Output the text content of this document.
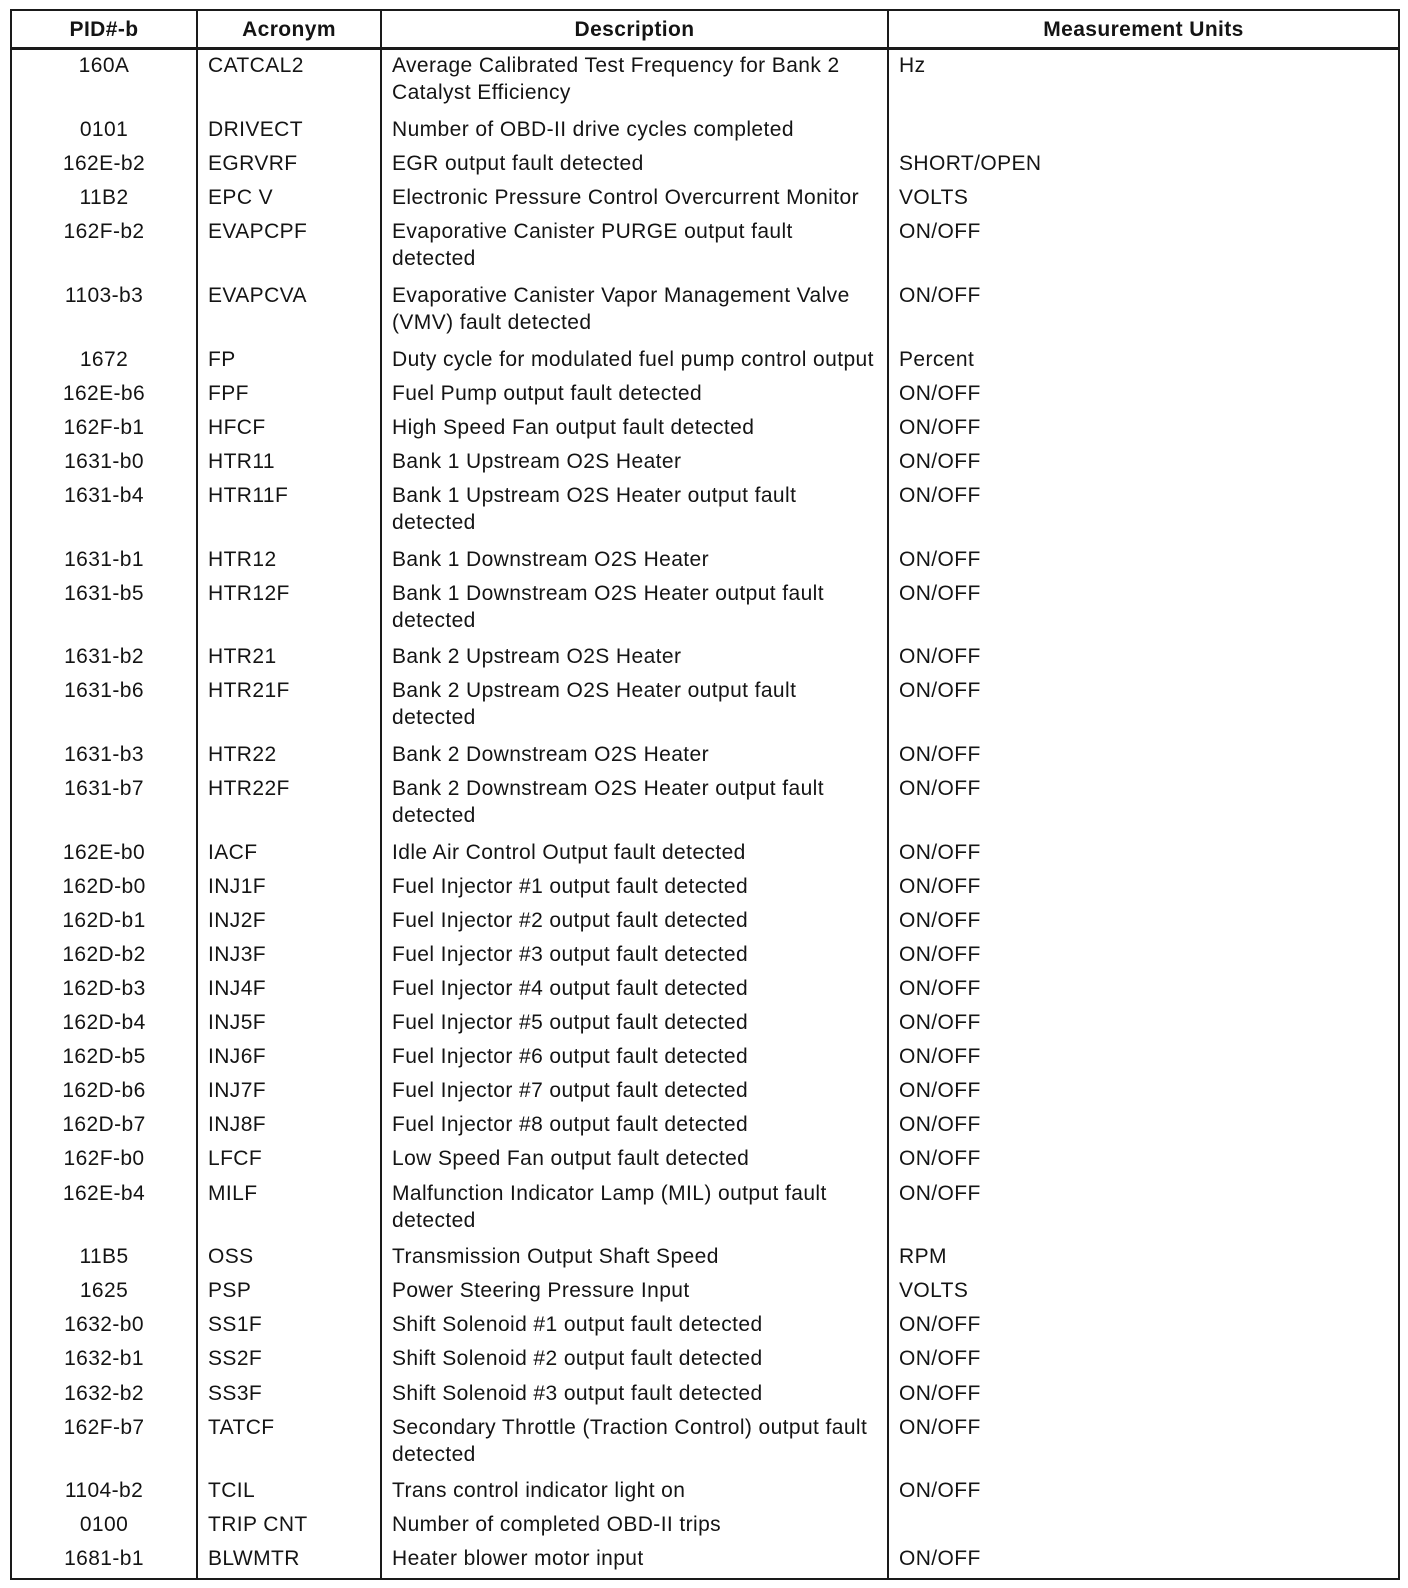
PID#-b	Acronym	Description	Measurement Units
160A	CATCAL2	Average Calibrated Test Frequency for Bank 2 Catalyst Efficiency	Hz
0101	DRIVECT	Number of OBD-II drive cycles completed	
162E-b2	EGRVRF	EGR output fault detected	SHORT/OPEN
11B2	EPC V	Electronic Pressure Control Overcurrent Monitor	VOLTS
162F-b2	EVAPCPF	Evaporative Canister PURGE output fault detected	ON/OFF
1103-b3	EVAPCVA	Evaporative Canister Vapor Management Valve (VMV) fault detected	ON/OFF
1672	FP	Duty cycle for modulated fuel pump control output	Percent
162E-b6	FPF	Fuel Pump output fault detected	ON/OFF
162F-b1	HFCF	High Speed Fan output fault detected	ON/OFF
1631-b0	HTR11	Bank 1 Upstream O2S Heater	ON/OFF
1631-b4	HTR11F	Bank 1 Upstream O2S Heater output fault detected	ON/OFF
1631-b1	HTR12	Bank 1 Downstream O2S Heater	ON/OFF
1631-b5	HTR12F	Bank 1 Downstream O2S Heater output fault detected	ON/OFF
1631-b2	HTR21	Bank 2 Upstream O2S Heater	ON/OFF
1631-b6	HTR21F	Bank 2 Upstream O2S Heater output fault detected	ON/OFF
1631-b3	HTR22	Bank 2 Downstream O2S Heater	ON/OFF
1631-b7	HTR22F	Bank 2 Downstream O2S Heater output fault detected	ON/OFF
162E-b0	IACF	Idle Air Control Output fault detected	ON/OFF
162D-b0	INJ1F	Fuel Injector #1 output fault detected	ON/OFF
162D-b1	INJ2F	Fuel Injector #2 output fault detected	ON/OFF
162D-b2	INJ3F	Fuel Injector #3 output fault detected	ON/OFF
162D-b3	INJ4F	Fuel Injector #4 output fault detected	ON/OFF
162D-b4	INJ5F	Fuel Injector #5 output fault detected	ON/OFF
162D-b5	INJ6F	Fuel Injector #6 output fault detected	ON/OFF
162D-b6	INJ7F	Fuel Injector #7 output fault detected	ON/OFF
162D-b7	INJ8F	Fuel Injector #8 output fault detected	ON/OFF
162F-b0	LFCF	Low Speed Fan output fault detected	ON/OFF
162E-b4	MILF	Malfunction Indicator Lamp (MIL) output fault detected	ON/OFF
11B5	OSS	Transmission Output Shaft Speed	RPM
1625	PSP	Power Steering Pressure Input	VOLTS
1632-b0	SS1F	Shift Solenoid #1 output fault detected	ON/OFF
1632-b1	SS2F	Shift Solenoid #2 output fault detected	ON/OFF
1632-b2	SS3F	Shift Solenoid #3 output fault detected	ON/OFF
162F-b7	TATCF	Secondary Throttle (Traction Control) output fault detected	ON/OFF
1104-b2	TCIL	Trans control indicator light on	ON/OFF
0100	TRIP CNT	Number of completed OBD-II trips	
1681-b1	BLWMTR	Heater blower motor input	ON/OFF
